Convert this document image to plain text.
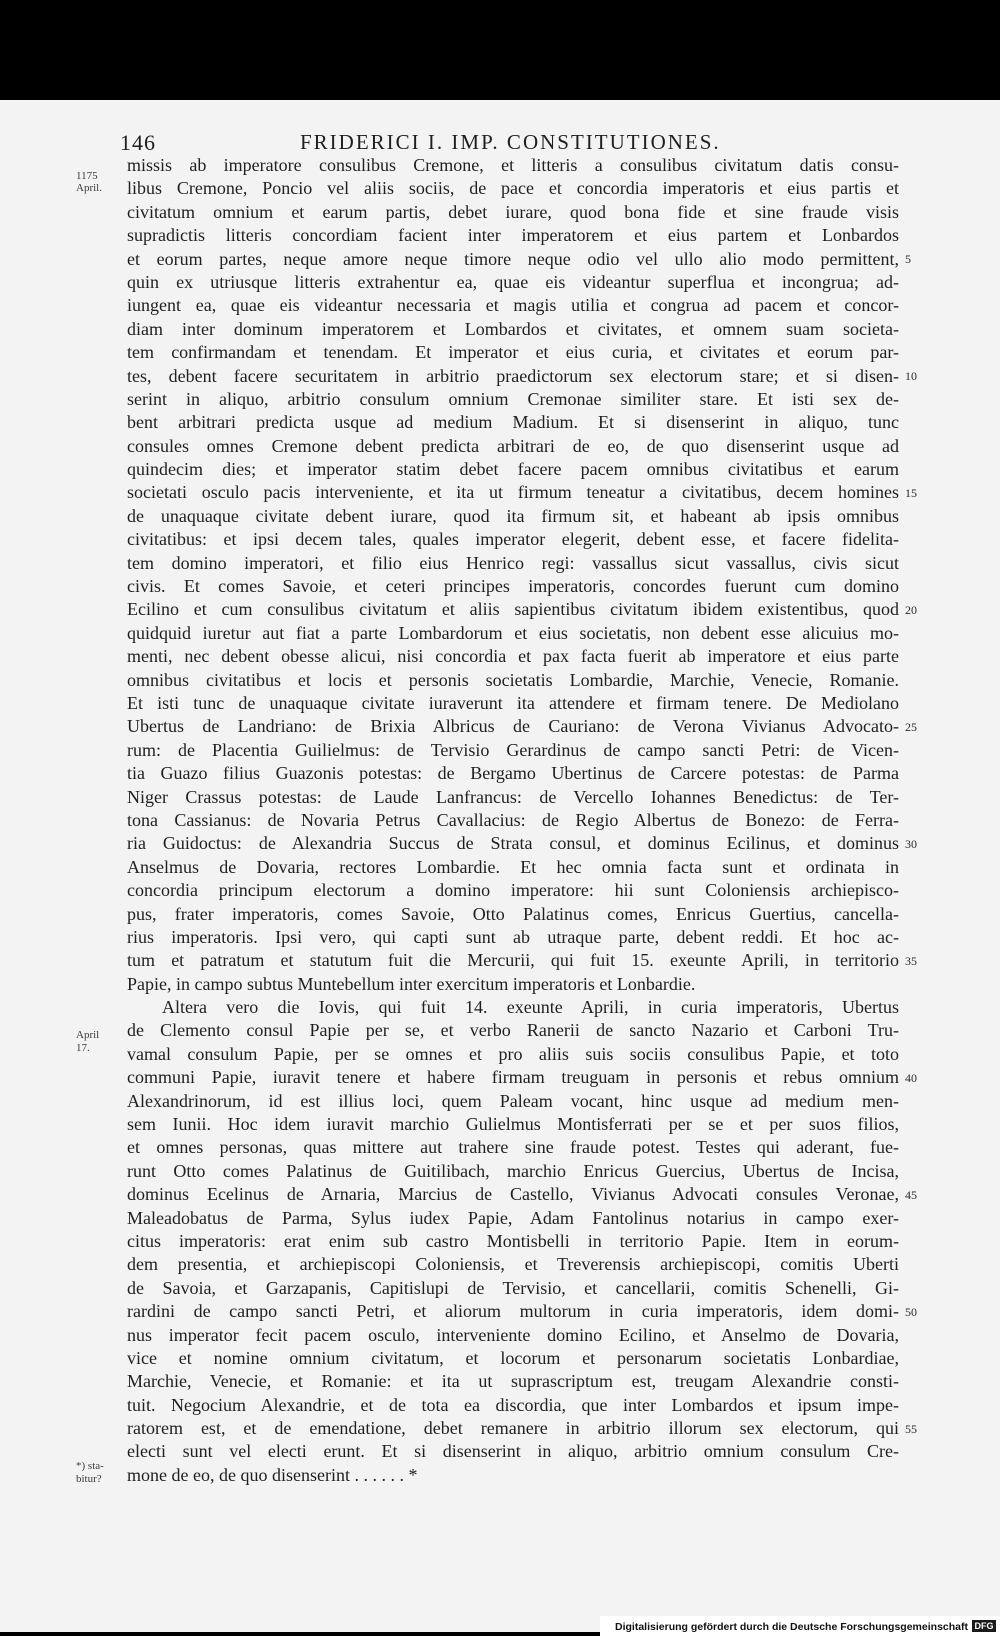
146	FRIDERICI I. IMP. CONSTITUTIONES.
1175
April.
April
17.
*) sta-
bitur?
missis ab imperatore consulibus Cremone, et litteris a consulibus civitatum datis consu-
libus Cremone, Poncio vel aliis sociis, de pace et concordia imperatoris et eius partis et
civitatum omnium et earum partis, debet iurare, quod bona fide et sine fraude visis
supradictis litteris concordiam facient inter imperatorem et eius partem et Lonbardos
et eorum partes, neque amore neque timore neque odio vel ullo alio modo permittent,
quin ex utriusque litteris extrahentur ea, quae eis videantur superflua et incongrua; ad-
iungent ea, quae eis videantur necessaria et magis utilia et congrua ad pacem et concor-
diam inter dominum imperatorem et Lombardos et civitates, et omnem suam societa-
tem confirmandam et tenendam. Et imperator et eius curia, et civitates et eorum par-
tes, debent facere securitatem in arbitrio praedictorum sex electorum stare; et si disen-
serint in aliquo, arbitrio consulum omnium Cremonae similiter stare. Et isti sex de-
bent arbitrari predicta usque ad medium Madium. Et si disenserint in aliquo, tunc
consules omnes Cremone debent predicta arbitrari de eo, de quo disenserint usque ad
quindecim dies; et imperator statim debet facere pacem omnibus civitatibus et earum
societati osculo pacis interveniente, et ita ut firmum teneatur a civitatibus, decem homines
de unaquaque civitate debent iurare, quod ita firmum sit, et habeant ab ipsis omnibus
civitatibus: et ipsi decem tales, quales imperator elegerit, debent esse, et facere fidelita-
tem domino imperatori, et filio eius Henrico regi: vassallus sicut vassallus, civis sicut
civis. Et comes Savoie, et ceteri principes imperatoris, concordes fuerunt cum domino
Ecilino et cum consulibus civitatum et aliis sapientibus civitatum ibidem existentibus, quod
quidquid iuretur aut fiat a parte Lombardorum et eius societatis, non debent esse alicuius mo-
menti, nec debent obesse alicui, nisi concordia et pax facta fuerit ab imperatore et eius parte
omnibus civitatibus et locis et personis societatis Lombardie, Marchie, Venecie, Romanie.
Et isti tunc de unaquaque civitate iuraverunt ita attendere et firmam tenere. De Mediolano
Ubertus de Landriano: de Brixia Albricus de Cauriano: de Verona Vivianus Advocato-
rum: de Placentia Guilielmus: de Tervisio Gerardinus de campo sancti Petri: de Vicen-
tia Guazo filius Guazonis potestas: de Bergamo Ubertinus de Carcere potestas: de Parma
Niger Crassus potestas: de Laude Lanfrancus: de Vercello Iohannes Benedictus: de Ter-
tona Cassianus: de Novaria Petrus Cavallacius: de Regio Albertus de Bonezo: de Ferra-
ria Guidoctus: de Alexandria Succus de Strata consul, et dominus Ecilinus, et dominus
Anselmus de Dovaria, rectores Lombardie. Et hec omnia facta sunt et ordinata in
concordia principum electorum a domino imperatore: hii sunt Coloniensis archiepisco-
pus, frater imperatoris, comes Savoie, Otto Palatinus comes, Enricus Guertius, cancella-
rius imperatoris. Ipsi vero, qui capti sunt ab utraque parte, debent reddi. Et hoc ac-
tum et patratum et statutum fuit die Mercurii, qui fuit 15. exeunte Aprili, in territorio
Papie, in campo subtus Muntebellum inter exercitum imperatoris et Lonbardie.
Altera vero die Iovis, qui fuit 14. exeunte Aprili, in curia imperatoris, Ubertus
de Clemento consul Papie per se, et verbo Ranerii de sancto Nazario et Carboni Tru-
vamal consulum Papie, per se omnes et pro aliis suis sociis consulibus Papie, et toto
communi Papie, iuravit tenere et habere firmam treuguam in personis et rebus omnium
Alexandrinorum, id est illius loci, quem Paleam vocant, hinc usque ad medium men-
sem Iunii. Hoc idem iuravit marchio Gulielmus Montisferrati per se et per suos filios,
et omnes personas, quas mittere aut trahere sine fraude potest. Testes qui aderant, fue-
runt Otto comes Palatinus de Guitilibach, marchio Enricus Guercius, Ubertus de Incisa,
dominus Ecelinus de Arnaria, Marcius de Castello, Vivianus Advocati consules Veronae,
Maleadobatus de Parma, Sylus iudex Papie, Adam Fantolinus notarius in campo exer-
citus imperatoris: erat enim sub castro Montisbelli in territorio Papie. Item in eorum-
dem presentia, et archiepiscopi Coloniensis, et Treverensis archiepiscopi, comitis Uberti
de Savoia, et Garzapanis, Capitislupi de Tervisio, et cancellarii, comitis Schenelli, Gi-
rardini de campo sancti Petri, et aliorum multorum in curia imperatoris, idem domi-
nus imperator fecit pacem osculo, interveniente domino Ecilino, et Anselmo de Dovaria,
vice et nomine omnium civitatum, et locorum et personarum societatis Lonbardiae,
Marchie, Venecie, et Romanie: et ita ut suprascriptum est, treugam Alexandrie consti-
tuit. Negocium Alexandrie, et de tota ea discordia, que inter Lombardos et ipsum impe-
ratorem est, et de emendatione, debet remanere in arbitrio illorum sex electorum, qui
electi sunt vel electi erunt. Et si disenserint in aliquo, arbitrio omnium consulum Cre-
mone de eo, de quo disenserint . . . . . . *
5
10
15
20
25
30
35
40
45
50
55
Digitalisierung gefördert durch die Deutsche Forschungsgemeinschaft DFG
